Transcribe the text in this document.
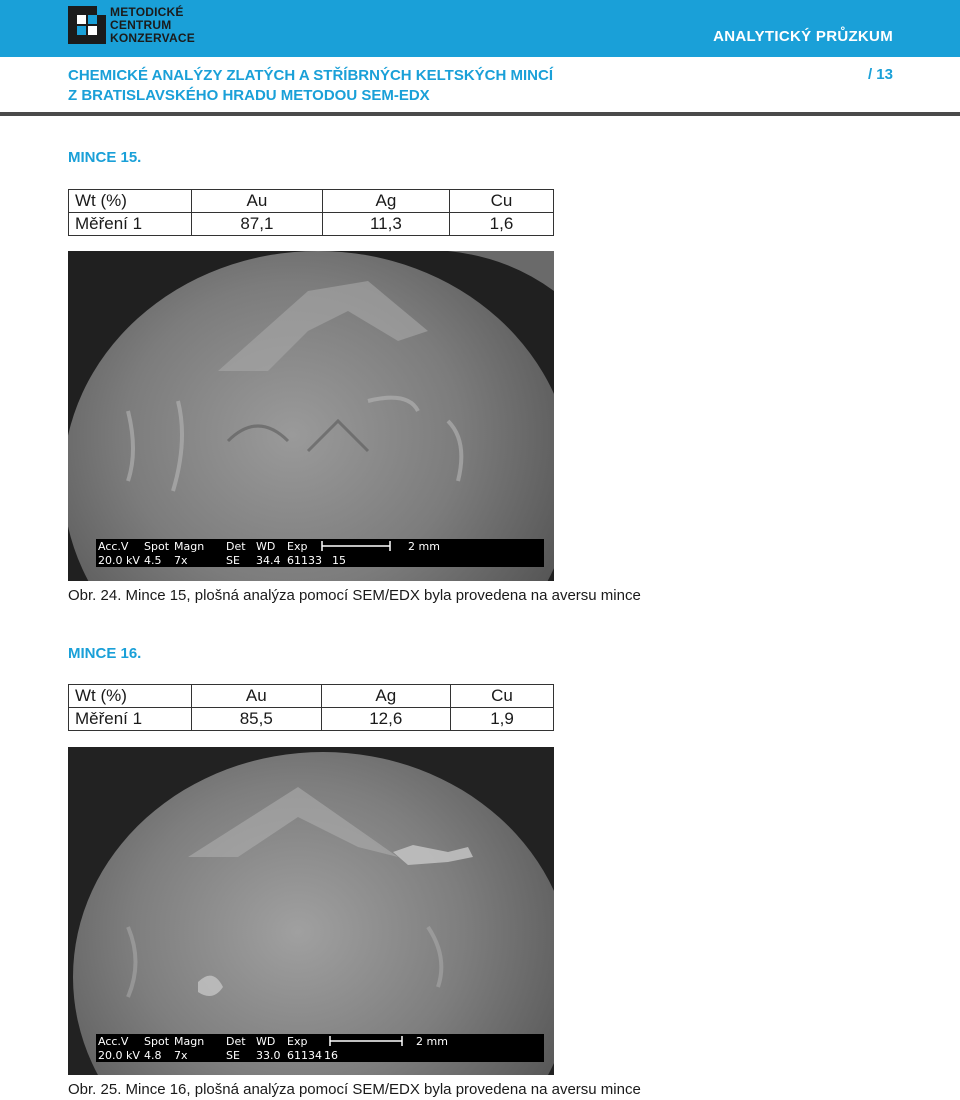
METODICKÉ
CENTRUM
KONZERVACE	ANALYTICKÝ PRŮZKUM
CHEMICKÉ ANALÝZY ZLATÝCH A STŘÍBRNÝCH KELTSKÝCH MINCÍ
Z BRATISLAVSKÉHO HRADU METODOU SEM-EDX
/ 13
MINCE 15.
Wt (%)	Au	Ag	Cu
Měření 1	87,1	11,3	1,6
Acc.V Spot Magn Det WD Exp	2 mm
20.0 kV 4.5 7x	SE 34.4 61133 15
Obr. 24. Mince 15, plošná analýza pomocí SEM/EDX byla provedena na aversu mince
MINCE 16.
Wt (%)	Au	Ag	Cu
Měření 1	85,5	12,6	1,9
Acc.V Spot Magn Det WD Exp	2 mm
20.0 kV 4.8 7x	SE 33.0 61134 16
Obr. 25. Mince 16, plošná analýza pomocí SEM/EDX byla provedena na aversu mince
